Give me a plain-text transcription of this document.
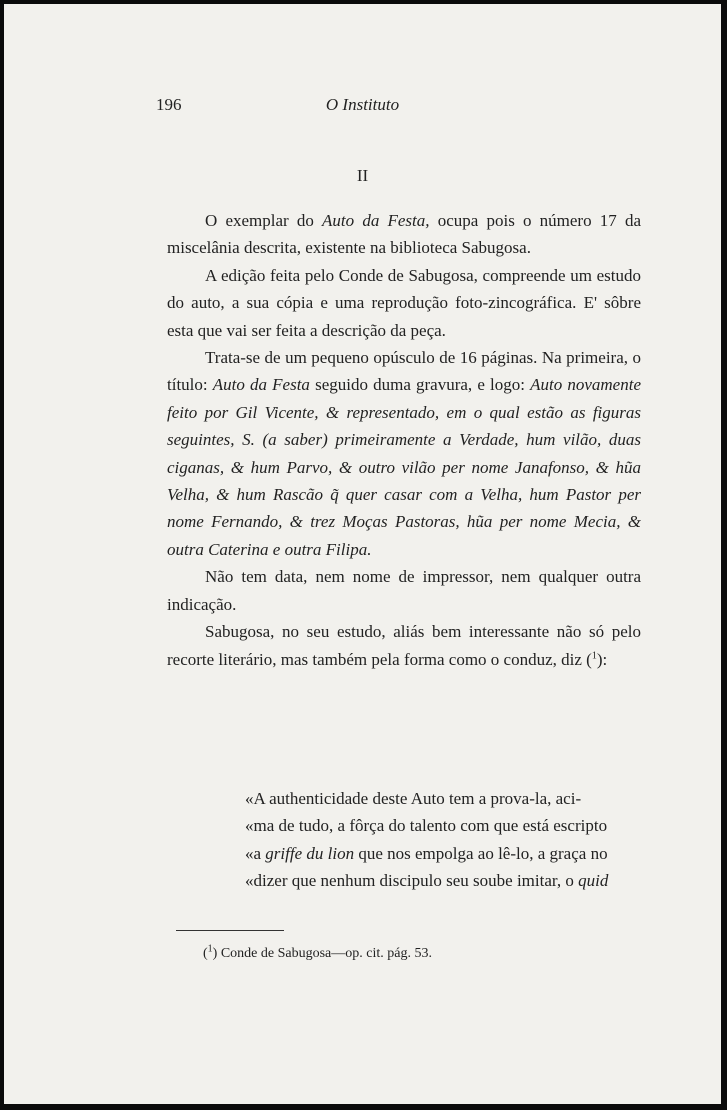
196	O Instituto
II

O exemplar do Auto da Festa, ocupa pois o número 17 da miscelânia descrita, existente na biblioteca Sabugosa.

A edição feita pelo Conde de Sabugosa, compreende um estudo do auto, a sua cópia e uma reprodução foto-zincográfica. E' sôbre esta que vai ser feita a descrição da peça.

Trata-se de um pequeno opúsculo de 16 páginas. Na primeira, o título: Auto da Festa seguido duma gravura, e logo: Auto novamente feito por Gil Vicente, & representado, em o qual estão as figuras seguintes, S. (a saber) primeiramente a Verdade, hum vilão, duas ciganas, & hum Parvo, & outro vilão per nome Janafonso, & hũa Velha, & hum Rascão q̃ quer casar com a Velha, hum Pastor per nome Fernando, & trez Moças Pastoras, hũa per nome Mecia, & outra Caterina e outra Filipa.

Não tem data, nem nome de impressor, nem qualquer outra indicação.

Sabugosa, no seu estudo, aliás bem interessante não só pelo recorte literário, mas também pela forma como o conduz, diz ($^1$):

«A authenticidade deste Auto tem a prova-la, aci-

«ma de tudo, a fôrça do talento com que está escripto

«a griffe du lion que nos empolga ao lê-lo, a graça no

«dizer que nenhum discipulo seu soube imitar, o quid

($^1$) Conde de Sabugosa—op. cit. pág. 53.
